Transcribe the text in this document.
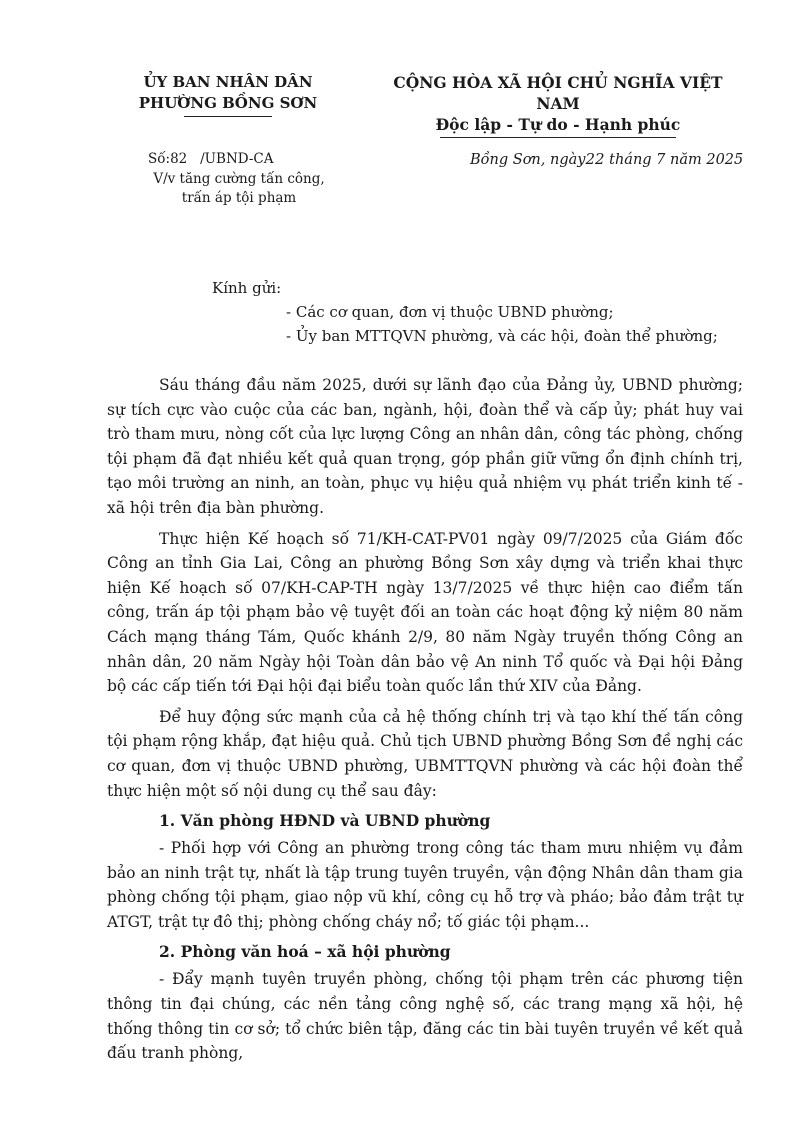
ỦY BAN NHÂN DÂN
PHƯỜNG BỒNG SƠN
CỘNG HÒA XÃ HỘI CHỦ NGHĨA VIỆT NAM
Độc lập - Tự do - Hạnh phúc
Số:82 /UBND-CA
V/v tăng cường tấn công,
trấn áp tội phạm
Bồng Sơn, ngày22 tháng 7 năm 2025
Kính gửi:
- Các cơ quan, đơn vị thuộc UBND phường;
- Ủy ban MTTQVN phường, và các hội, đoàn thể phường;

Sáu tháng đầu năm 2025, dưới sự lãnh đạo của Đảng ủy, UBND phường; sự tích cực vào cuộc của các ban, ngành, hội, đoàn thể và cấp ủy; phát huy vai trò tham mưu, nòng cốt của lực lượng Công an nhân dân, công tác phòng, chống tội phạm đã đạt nhiều kết quả quan trọng, góp phần giữ vững ổn định chính trị, tạo môi trường an ninh, an toàn, phục vụ hiệu quả nhiệm vụ phát triển kinh tế - xã hội trên địa bàn phường.

Thực hiện Kế hoạch số 71/KH-CAT-PV01 ngày 09/7/2025 của Giám đốc Công an tỉnh Gia Lai, Công an phường Bồng Sơn xây dựng và triển khai thực hiện Kế hoạch số 07/KH-CAP-TH ngày 13/7/2025 về thực hiện cao điểm tấn công, trấn áp tội phạm bảo vệ tuyệt đối an toàn các hoạt động kỷ niệm 80 năm Cách mạng tháng Tám, Quốc khánh 2/9, 80 năm Ngày truyền thống Công an nhân dân, 20 năm Ngày hội Toàn dân bảo vệ An ninh Tổ quốc và Đại hội Đảng bộ các cấp tiến tới Đại hội đại biểu toàn quốc lần thứ XIV của Đảng.

Để huy động sức mạnh của cả hệ thống chính trị và tạo khí thế tấn công tội phạm rộng khắp, đạt hiệu quả. Chủ tịch UBND phường Bồng Sơn đề nghị các cơ quan, đơn vị thuộc UBND phường, UBMTTQVN phường và các hội đoàn thể thực hiện một số nội dung cụ thể sau đây:

1. Văn phòng HĐND và UBND phường

- Phối hợp với Công an phường trong công tác tham mưu nhiệm vụ đảm bảo an ninh trật tự, nhất là tập trung tuyên truyền, vận động Nhân dân tham gia phòng chống tội phạm, giao nộp vũ khí, công cụ hỗ trợ và pháo; bảo đảm trật tự ATGT, trật tự đô thị; phòng chống cháy nổ; tố giác tội phạm...

2. Phòng văn hoá – xã hội phường

- Đẩy mạnh tuyên truyền phòng, chống tội phạm trên các phương tiện thông tin đại chúng, các nền tảng công nghệ số, các trang mạng xã hội, hệ thống thông tin cơ sở; tổ chức biên tập, đăng các tin bài tuyên truyền về kết quả đấu tranh phòng,
